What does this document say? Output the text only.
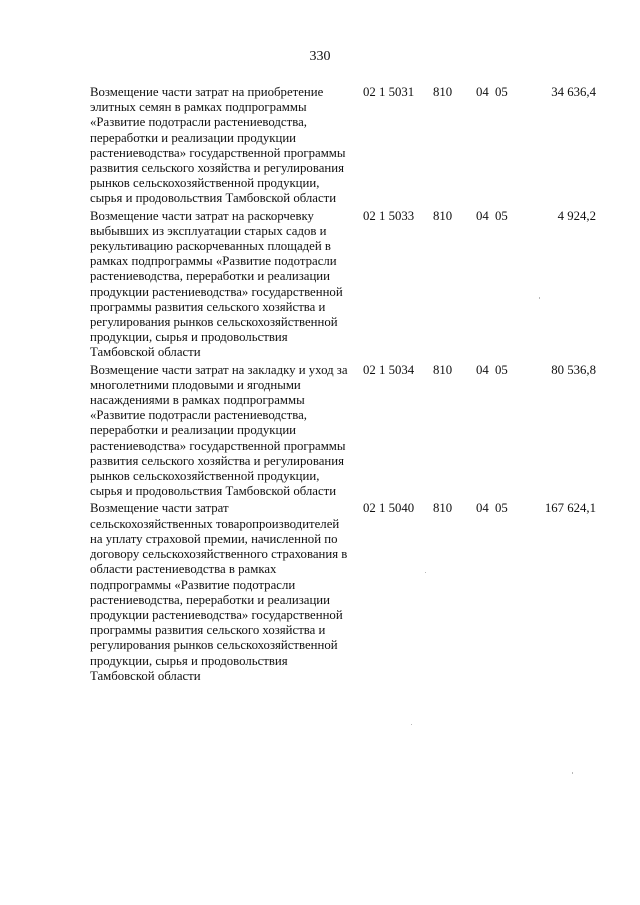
330
Возмещение части затрат на приобретение элитных семян в рамках подпрограммы «Развитие подотрасли растениеводства, переработки и реализации продукции растениеводства» государственной программы развития сельского хозяйства и регулирования рынков сельскохозяйственной продукции, сырья и продовольствия Тамбовской области
02 1 5031	810	04 05	34 636,4
Возмещение части затрат на раскорчевку выбывших из эксплуатации старых садов и рекультивацию раскорчеванных площадей в рамках подпрограммы «Развитие подотрасли растениеводства, переработки и реализации продукции растениеводства» государственной программы развития сельского хозяйства и регулирования рынков сельскохозяйственной продукции, сырья и продовольствия Тамбовской области
02 1 5033	810	04 05	4 924,2
Возмещение части затрат на закладку и уход за многолетними плодовыми и ягодными насаждениями в рамках подпрограммы «Развитие подотрасли растениеводства, переработки и реализации продукции растениеводства» государственной программы развития сельского хозяйства и регулирования рынков сельскохозяйственной продукции, сырья и продовольствия Тамбовской области
02 1 5034	810	04 05	80 536,8
Возмещение части затрат сельскохозяйственных товаропроизводителей на уплату страховой премии, начисленной по договору сельскохозяйственного страхования в области растениеводства в рамках подпрограммы «Развитие подотрасли растениеводства, переработки и реализации продукции растениеводства» государственной программы развития сельского хозяйства и регулирования рынков сельскохозяйственной продукции, сырья и продовольствия Тамбовской области
02 1 5040	810	04 05	167 624,1
